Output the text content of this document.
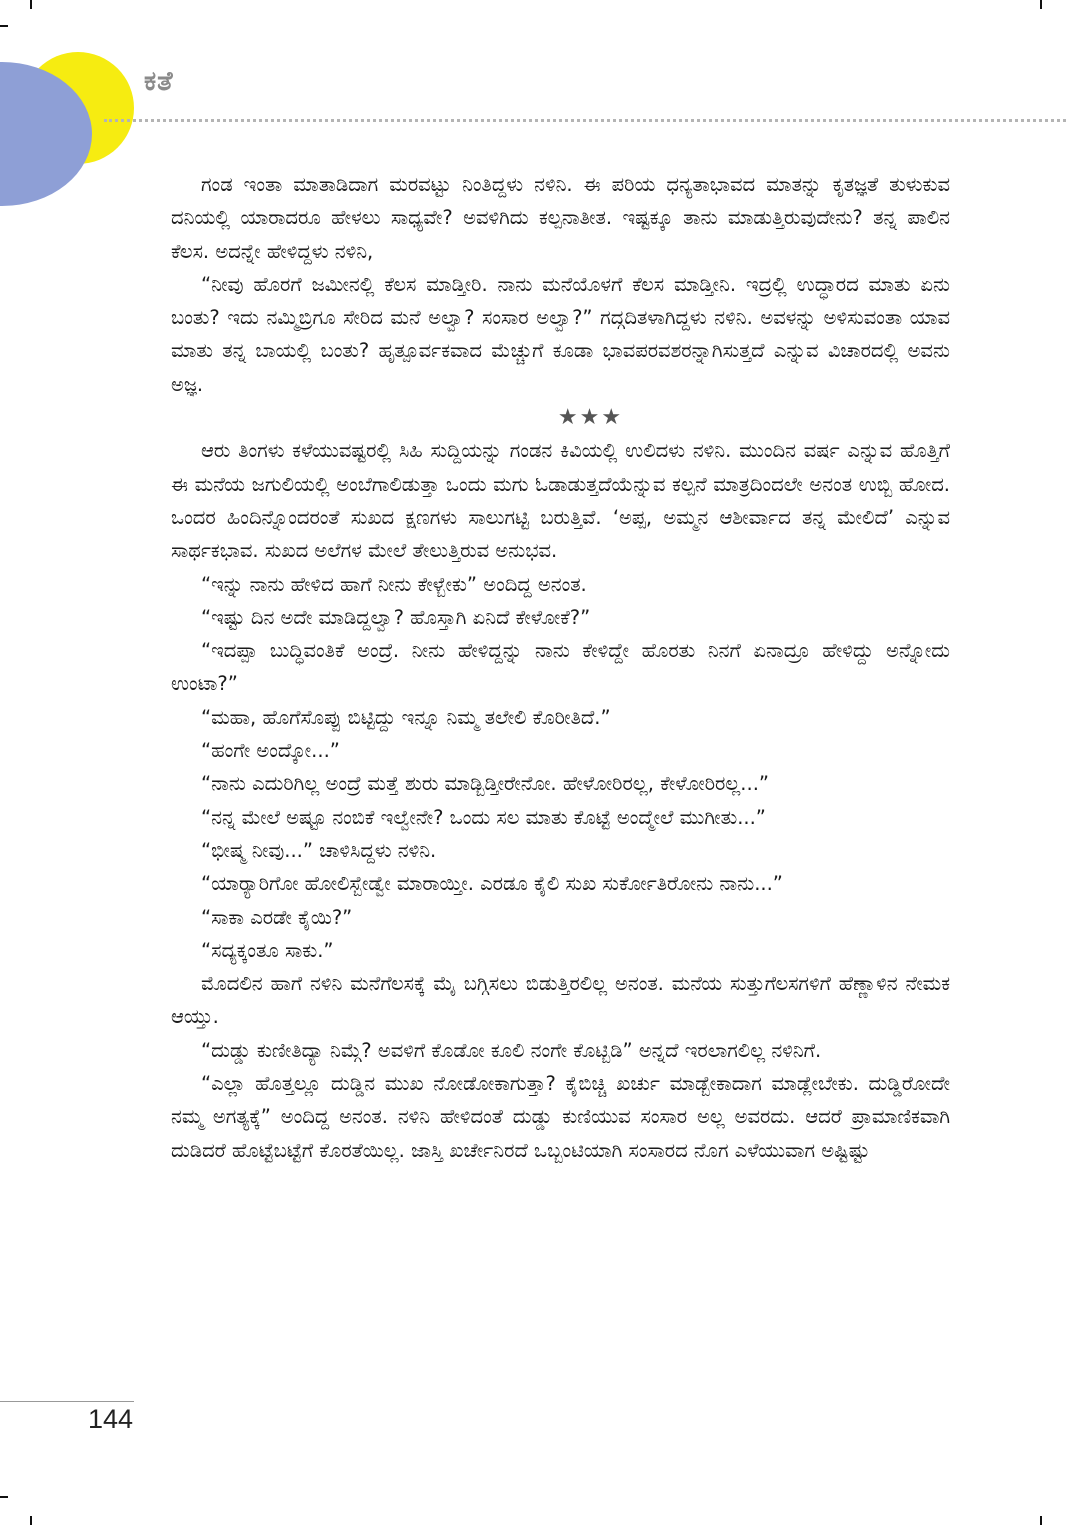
ಕತೆ

ಗಂಡ ಇಂತಾ ಮಾತಾಡಿದಾಗ ಮರವಟ್ಟು ನಿಂತಿದ್ದಳು ನಳಿನಿ. ಈ ಪರಿಯ ಧನ್ಯತಾಭಾವದ ಮಾತನ್ನು ಕೃತಜ್ಞತೆ ತುಳುಕುವ ದನಿಯಲ್ಲಿ ಯಾರಾದರೂ ಹೇಳಲು ಸಾಧ್ಯವೇ? ಅವಳಿಗಿದು ಕಲ್ಪನಾತೀತ. ಇಷ್ಟಕ್ಕೂ ತಾನು ಮಾಡುತ್ತಿರುವುದೇನು? ತನ್ನ ಪಾಲಿನ ಕೆಲಸ. ಅದನ್ನೇ ಹೇಳಿದ್ದಳು ನಳಿನಿ,

“ನೀವು ಹೊರಗೆ ಜಮೀನಲ್ಲಿ ಕೆಲಸ ಮಾಡ್ತೀರಿ. ನಾನು ಮನೆಯೊಳಗೆ ಕೆಲಸ ಮಾಡ್ತೀನಿ. ಇದ್ರಲ್ಲಿ ಉದ್ಧಾರದ ಮಾತು ಏನು ಬಂತು? ಇದು ನಮ್ಮಿಬ್ರಿಗೂ ಸೇರಿದ ಮನೆ ಅಲ್ವಾ? ಸಂಸಾರ ಅಲ್ವಾ?” ಗದ್ಗದಿತಳಾಗಿದ್ದಳು ನಳಿನಿ. ಅವಳನ್ನು ಅಳಿಸುವಂತಾ ಯಾವ ಮಾತು ತನ್ನ ಬಾಯಲ್ಲಿ ಬಂತು? ಹೃತ್ಪೂರ್ವಕವಾದ ಮೆಚ್ಚುಗೆ ಕೂಡಾ ಭಾವಪರವಶರನ್ನಾಗಿಸುತ್ತದೆ ಎನ್ನುವ ವಿಚಾರದಲ್ಲಿ ಅವನು ಅಜ್ಞ.

★★★

ಆರು ತಿಂಗಳು ಕಳೆಯುವಷ್ಟರಲ್ಲಿ ಸಿಹಿ ಸುದ್ದಿಯನ್ನು ಗಂಡನ ಕಿವಿಯಲ್ಲಿ ಉಲಿದಳು ನಳಿನಿ. ಮುಂದಿನ ವರ್ಷ ಎನ್ನುವ ಹೊತ್ತಿಗೆ ಈ ಮನೆಯ ಜಗುಲಿಯಲ್ಲಿ ಅಂಬೆಗಾಲಿಡುತ್ತಾ ಒಂದು ಮಗು ಓಡಾಡುತ್ತದೆಯೆನ್ನುವ ಕಲ್ಪನೆ ಮಾತ್ರದಿಂದಲೇ ಅನಂತ ಉಬ್ಬಿ ಹೋದ. ಒಂದರ ಹಿಂದಿನ್ನೊಂದರಂತೆ ಸುಖದ ಕ್ಷಣಗಳು ಸಾಲುಗಟ್ಟಿ ಬರುತ್ತಿವೆ. ‘ಅಪ್ಪ, ಅಮ್ಮನ ಆಶೀರ್ವಾದ ತನ್ನ ಮೇಲಿದೆ’ ಎನ್ನುವ ಸಾರ್ಥಕಭಾವ. ಸುಖದ ಅಲೆಗಳ ಮೇಲೆ ತೇಲುತ್ತಿರುವ ಅನುಭವ.

“ಇನ್ನು ನಾನು ಹೇಳಿದ ಹಾಗೆ ನೀನು ಕೇಳ್ಬೇಕು” ಅಂದಿದ್ದ ಅನಂತ.

“ಇಷ್ಟು ದಿನ ಅದೇ ಮಾಡಿದ್ದಲ್ವಾ? ಹೊಸ್ತಾಗಿ ಏನಿದೆ ಕೇಳೋಕೆ?”

“ಇದಪ್ಪಾ ಬುದ್ಧಿವಂತಿಕೆ ಅಂದ್ರೆ. ನೀನು ಹೇಳಿದ್ದನ್ನು ನಾನು ಕೇಳಿದ್ದೇ ಹೊರತು ನಿನಗೆ ಏನಾದ್ರೂ ಹೇಳಿದ್ದು ಅನ್ನೋದು ಉಂಟಾ?”

“ಮಹಾ, ಹೊಗೆಸೊಪ್ಪು ಬಿಟ್ಟಿದ್ದು ಇನ್ನೂ ನಿಮ್ಮ ತಲೇಲಿ ಕೊರೀತಿದೆ.”

“ಹಂಗೇ ಅಂದ್ಕೋ...”

“ನಾನು ಎದುರಿಗಿಲ್ಲ ಅಂದ್ರೆ ಮತ್ತೆ ಶುರು ಮಾಡ್ಬಿಡ್ತೀರೇನೋ. ಹೇಳೋರಿರಲ್ಲ, ಕೇಳೋರಿರಲ್ಲ...”

“ನನ್ನ ಮೇಲೆ ಅಷ್ಟೂ ನಂಬಿಕೆ ಇಲ್ವೇನೇ? ಒಂದು ಸಲ ಮಾತು ಕೊಟ್ಟೆ ಅಂದ್ಮೇಲೆ ಮುಗೀತು...”

“ಭೀಷ್ಮ ನೀವು...” ಚಾಳಿಸಿದ್ದಳು ನಳಿನಿ.

“ಯಾರ್‍ಯಾರಿಗೋ ಹೋಲಿಸ್ಬೇಡ್ವೇ ಮಾರಾಯ್ತೀ. ಎರಡೂ ಕೈಲಿ ಸುಖ ಸುರ್ಕೋತಿರೋನು ನಾನು...”

“ಸಾಕಾ ಎರಡೇ ಕೈಯಿ?”

“ಸದ್ಯಕ್ಕಂತೂ ಸಾಕು.”

ಮೊದಲಿನ ಹಾಗೆ ನಳಿನಿ ಮನೆಗೆಲಸಕ್ಕೆ ಮೈ ಬಗ್ಗಿಸಲು ಬಿಡುತ್ತಿರಲಿಲ್ಲ ಅನಂತ. ಮನೆಯ ಸುತ್ತುಗೆಲಸಗಳಿಗೆ ಹೆಣ್ಣಾಳಿನ ನೇಮಕ ಆಯ್ತು.

“ದುಡ್ಡು ಕುಣೀತಿದ್ಯಾ ನಿಮ್ಗೆ? ಅವಳಿಗೆ ಕೊಡೋ ಕೂಲಿ ನಂಗೇ ಕೊಟ್ಬಿಡಿ” ಅನ್ನದೆ ಇರಲಾಗಲಿಲ್ಲ ನಳಿನಿಗೆ.

“ಎಲ್ಲಾ ಹೊತ್ತಲ್ಲೂ ದುಡ್ಡಿನ ಮುಖ ನೋಡೋಕಾಗುತ್ತಾ? ಕೈಬಿಚ್ಚಿ ಖರ್ಚು ಮಾಡ್ಬೇಕಾದಾಗ ಮಾಡ್ಲೇಬೇಕು. ದುಡ್ಡಿರೋದೇ ನಮ್ಮ ಅಗತ್ಯಕ್ಕೆ” ಅಂದಿದ್ದ ಅನಂತ. ನಳಿನಿ ಹೇಳಿದಂತೆ ದುಡ್ಡು ಕುಣಿಯುವ ಸಂಸಾರ ಅಲ್ಲ ಅವರದು. ಆದರೆ ಪ್ರಾಮಾಣಿಕವಾಗಿ ದುಡಿದರೆ ಹೊಟ್ಟೆಬಟ್ಟೆಗೆ ಕೊರತೆಯಿಲ್ಲ. ಜಾಸ್ತಿ ಖರ್ಚೇನಿರದೆ ಒಬ್ಬಂಟಿಯಾಗಿ ಸಂಸಾರದ ನೊಗ ಎಳೆಯುವಾಗ ಅಷ್ಟಿಷ್ಟು

144
